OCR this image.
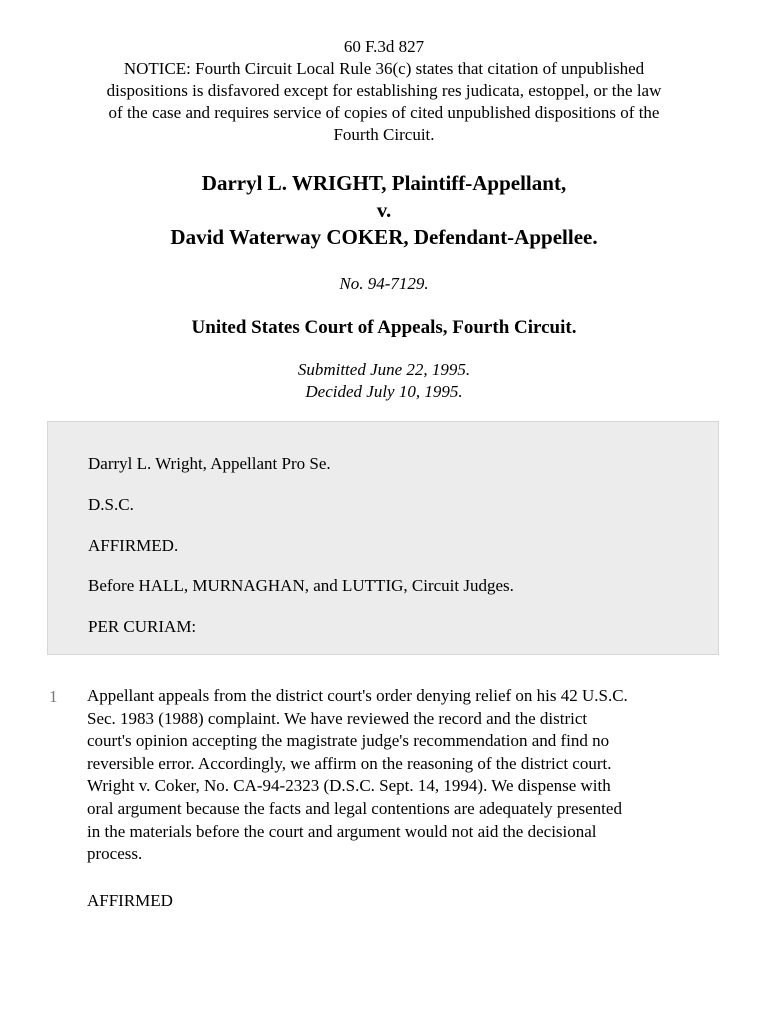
60 F.3d 827
NOTICE: Fourth Circuit Local Rule 36(c) states that citation of unpublished
dispositions is disfavored except for establishing res judicata, estoppel, or the law
of the case and requires service of copies of cited unpublished dispositions of the
Fourth Circuit.
Darryl L. WRIGHT, Plaintiff-Appellant,
v.
David Waterway COKER, Defendant-Appellee.
No. 94-7129.
United States Court of Appeals, Fourth Circuit.
Submitted June 22, 1995.
Decided July 10, 1995.
Darryl L. Wright, Appellant Pro Se.
D.S.C.
AFFIRMED.
Before HALL, MURNAGHAN, and LUTTIG, Circuit Judges.
PER CURIAM:
1 Appellant appeals from the district court's order denying relief on his 42 U.S.C.
Sec. 1983 (1988) complaint. We have reviewed the record and the district
court's opinion accepting the magistrate judge's recommendation and find no
reversible error. Accordingly, we affirm on the reasoning of the district court.
Wright v. Coker, No. CA-94-2323 (D.S.C. Sept. 14, 1994). We dispense with
oral argument because the facts and legal contentions are adequately presented
in the materials before the court and argument would not aid the decisional
process.
AFFIRMED
